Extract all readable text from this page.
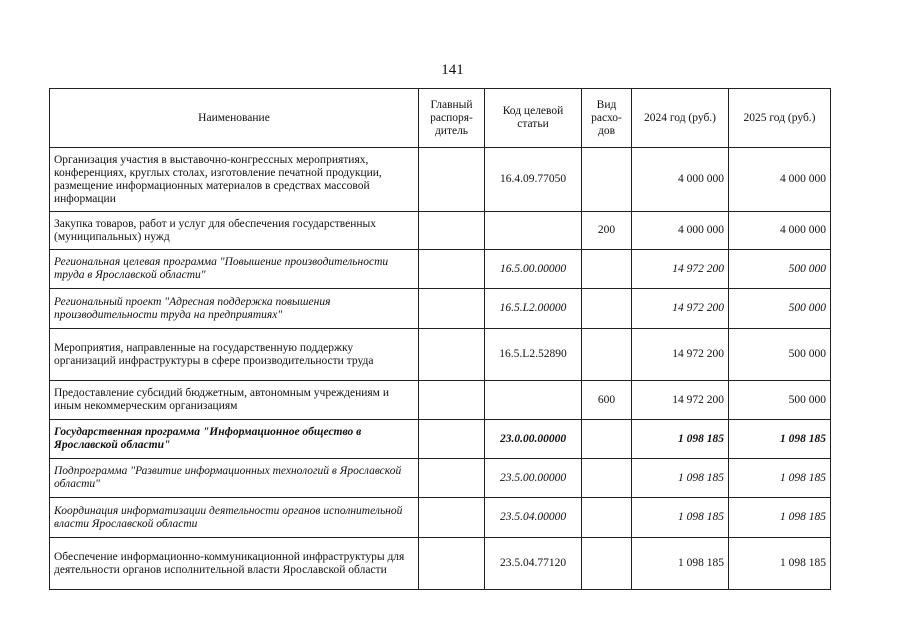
141
Наименование	Главный распоря-дитель	Код целевой статьи	Вид расхо-дов	2024 год (руб.)	2025 год (руб.)
Организация участия в выставочно-конгрессных мероприятиях, конференциях, круглых столах, изготовление печатной продукции, размещение информационных материалов в средствах массовой информации		16.4.09.77050		4 000 000	4 000 000
Закупка товаров, работ и услуг для обеспечения государственных (муниципальных) нужд			200	4 000 000	4 000 000
Региональная целевая программа "Повышение производительности труда в Ярославской области"		16.5.00.00000		14 972 200	500 000
Региональный проект "Адресная поддержка повышения производительности труда на предприятиях"		16.5.L2.00000		14 972 200	500 000
Мероприятия, направленные на государственную поддержку организаций инфраструктуры в сфере производительности труда		16.5.L2.52890		14 972 200	500 000
Предоставление субсидий бюджетным, автономным учреждениям и иным некоммерческим организациям			600	14 972 200	500 000
Государственная программа "Информационное общество в Ярославской области"		23.0.00.00000		1 098 185	1 098 185
Подпрограмма "Развитие информационных технологий в Ярославской области"		23.5.00.00000		1 098 185	1 098 185
Координация информатизации деятельности органов исполнительной власти Ярославской области		23.5.04.00000		1 098 185	1 098 185
Обеспечение информационно-коммуникационной инфраструктуры для деятельности органов исполнительной власти Ярославской области		23.5.04.77120		1 098 185	1 098 185
